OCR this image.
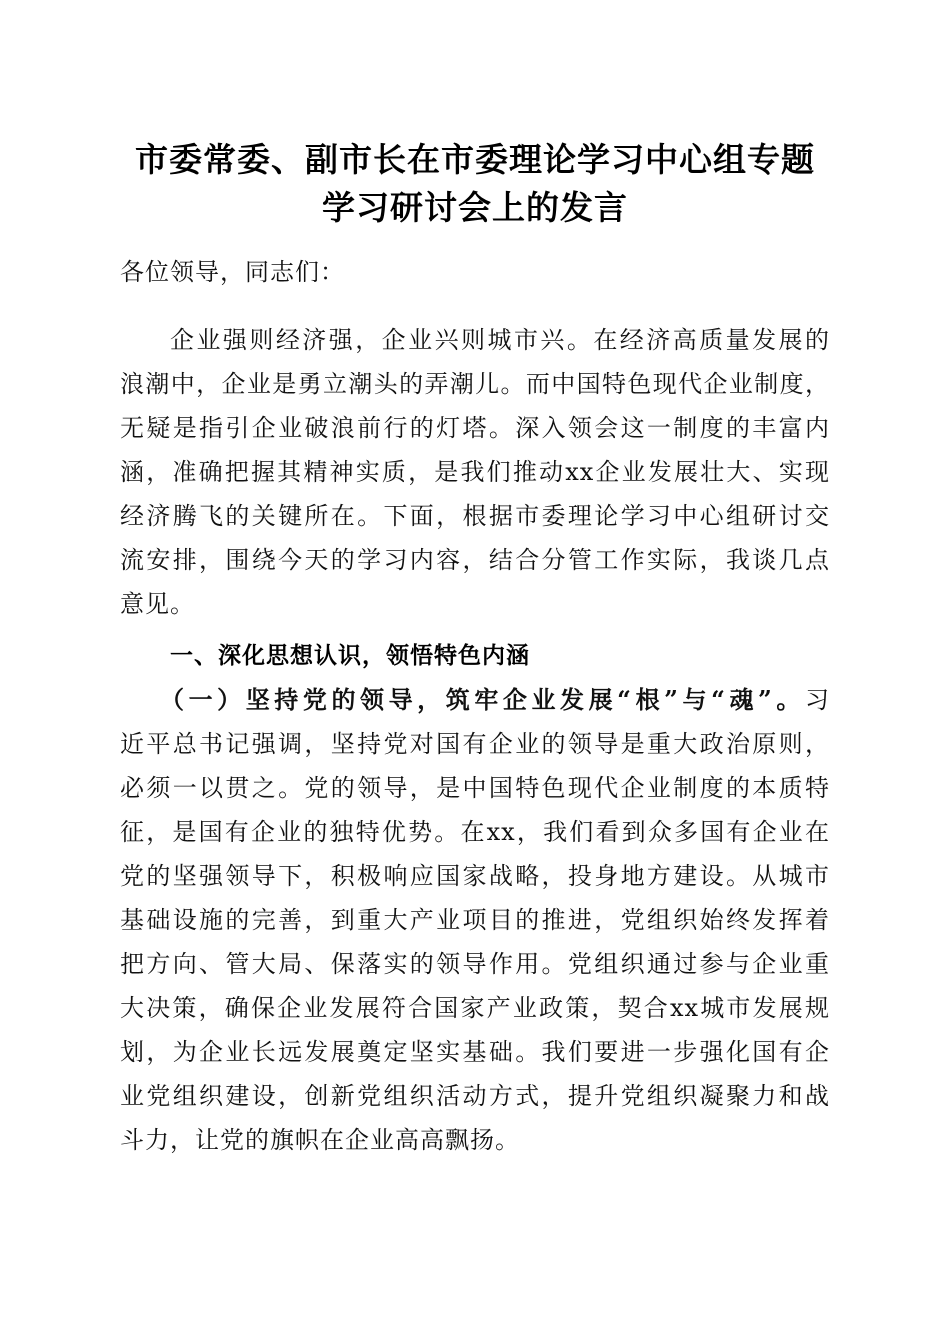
市委常委、副市长在市委理论学习中心组专题
学习研讨会上的发言
各位领导，同志们：
企业强则经济强，企业兴则城市兴。在经济高质量发展的
浪潮中，企业是勇立潮头的弄潮儿。而中国特色现代企业制度，
无疑是指引企业破浪前行的灯塔。深入领会这一制度的丰富内
涵，准确把握其精神实质，是我们推动xx企业发展壮大、实现
经济腾飞的关键所在。下面，根据市委理论学习中心组研讨交
流安排，围绕今天的学习内容，结合分管工作实际，我谈几点
意见。
一、深化思想认识，领悟特色内涵
（一）坚持党的领导，筑牢企业发展“根”与“魂”。习
近平总书记强调，坚持党对国有企业的领导是重大政治原则，
必须一以贯之。党的领导，是中国特色现代企业制度的本质特
征，是国有企业的独特优势。在xx，我们看到众多国有企业在
党的坚强领导下，积极响应国家战略，投身地方建设。从城市
基础设施的完善，到重大产业项目的推进，党组织始终发挥着
把方向、管大局、保落实的领导作用。党组织通过参与企业重
大决策，确保企业发展符合国家产业政策，契合xx城市发展规
划，为企业长远发展奠定坚实基础。我们要进一步强化国有企
业党组织建设，创新党组织活动方式，提升党组织凝聚力和战
斗力，让党的旗帜在企业高高飘扬。
